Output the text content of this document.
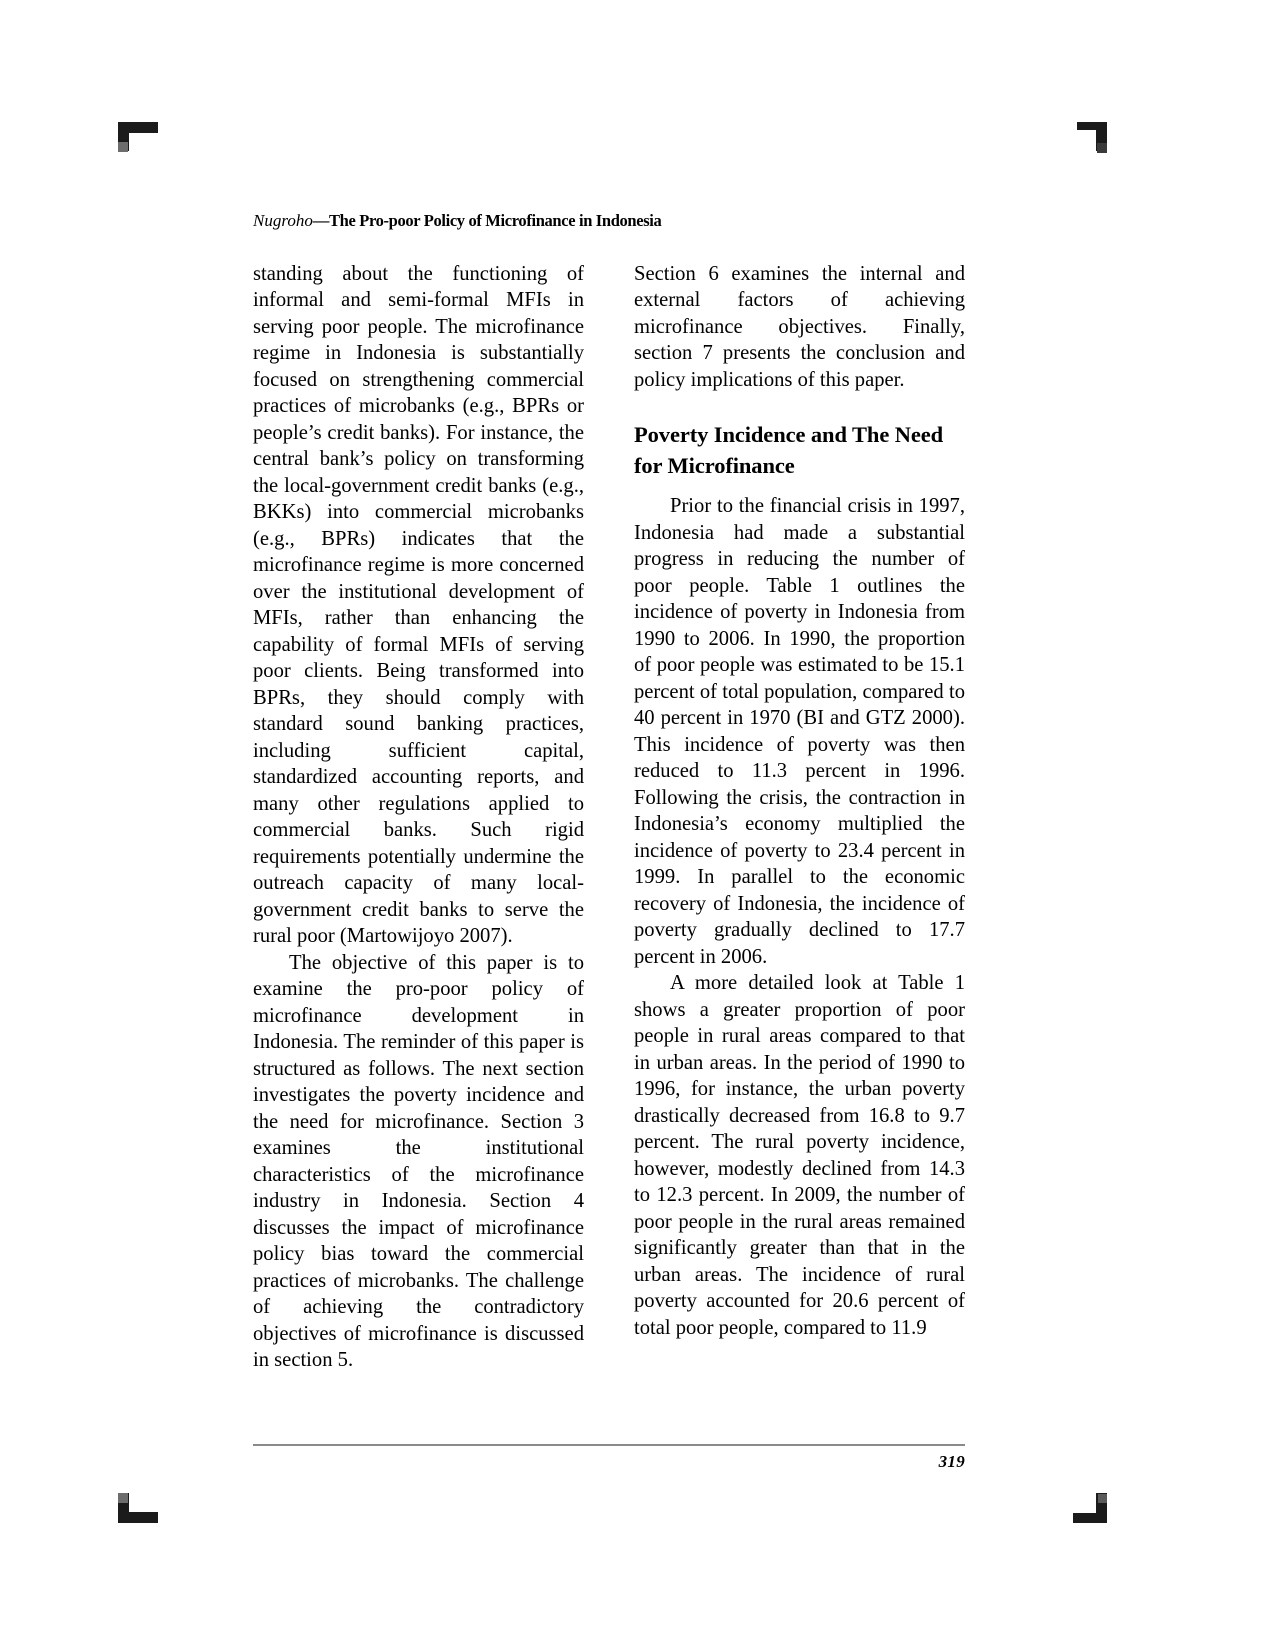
Nugroho—The Pro-poor Policy of Microfinance in Indonesia

standing about the functioning of informal and semi-formal MFIs in serving poor people. The microfinance regime in Indonesia is substantially focused on strengthening commercial practices of microbanks (e.g., BPRs or people’s credit banks). For instance, the central bank’s policy on transforming the local-government credit banks (e.g., BKKs) into commercial microbanks (e.g., BPRs) indicates that the microfinance regime is more concerned over the institutional development of MFIs, rather than enhancing the capability of formal MFIs of serving poor clients. Being transformed into BPRs, they should comply with standard sound banking practices, including sufficient capital, standardized accounting reports, and many other regulations applied to commercial banks. Such rigid requirements potentially undermine the outreach capacity of many local-government credit banks to serve the rural poor (Martowijoyo 2007).

The objective of this paper is to examine the pro-poor policy of microfinance development in Indonesia. The reminder of this paper is structured as follows. The next section investigates the poverty incidence and the need for microfinance. Section 3 examines the institutional characteristics of the microfinance industry in Indonesia. Section 4 discusses the impact of microfinance policy bias toward the commercial practices of microbanks. The challenge of achieving the contradictory objectives of microfinance is discussed in section 5.

Section 6 examines the internal and external factors of achieving microfinance objectives. Finally, section 7 presents the conclusion and policy implications of this paper.

Poverty Incidence and The Need for Microfinance

Prior to the financial crisis in 1997, Indonesia had made a substantial progress in reducing the number of poor people. Table 1 outlines the incidence of poverty in Indonesia from 1990 to 2006. In 1990, the proportion of poor people was estimated to be 15.1 percent of total population, compared to 40 percent in 1970 (BI and GTZ 2000). This incidence of poverty was then reduced to 11.3 percent in 1996. Following the crisis, the contraction in Indonesia’s economy multiplied the incidence of poverty to 23.4 percent in 1999. In parallel to the economic recovery of Indonesia, the incidence of poverty gradually declined to 17.7 percent in 2006.

A more detailed look at Table 1 shows a greater proportion of poor people in rural areas compared to that in urban areas. In the period of 1990 to 1996, for instance, the urban poverty drastically decreased from 16.8 to 9.7 percent. The rural poverty incidence, however, modestly declined from 14.3 to 12.3 percent. In 2009, the number of poor people in the rural areas remained significantly greater than that in the urban areas. The incidence of rural poverty accounted for 20.6 percent of total poor people, compared to 11.9

319
